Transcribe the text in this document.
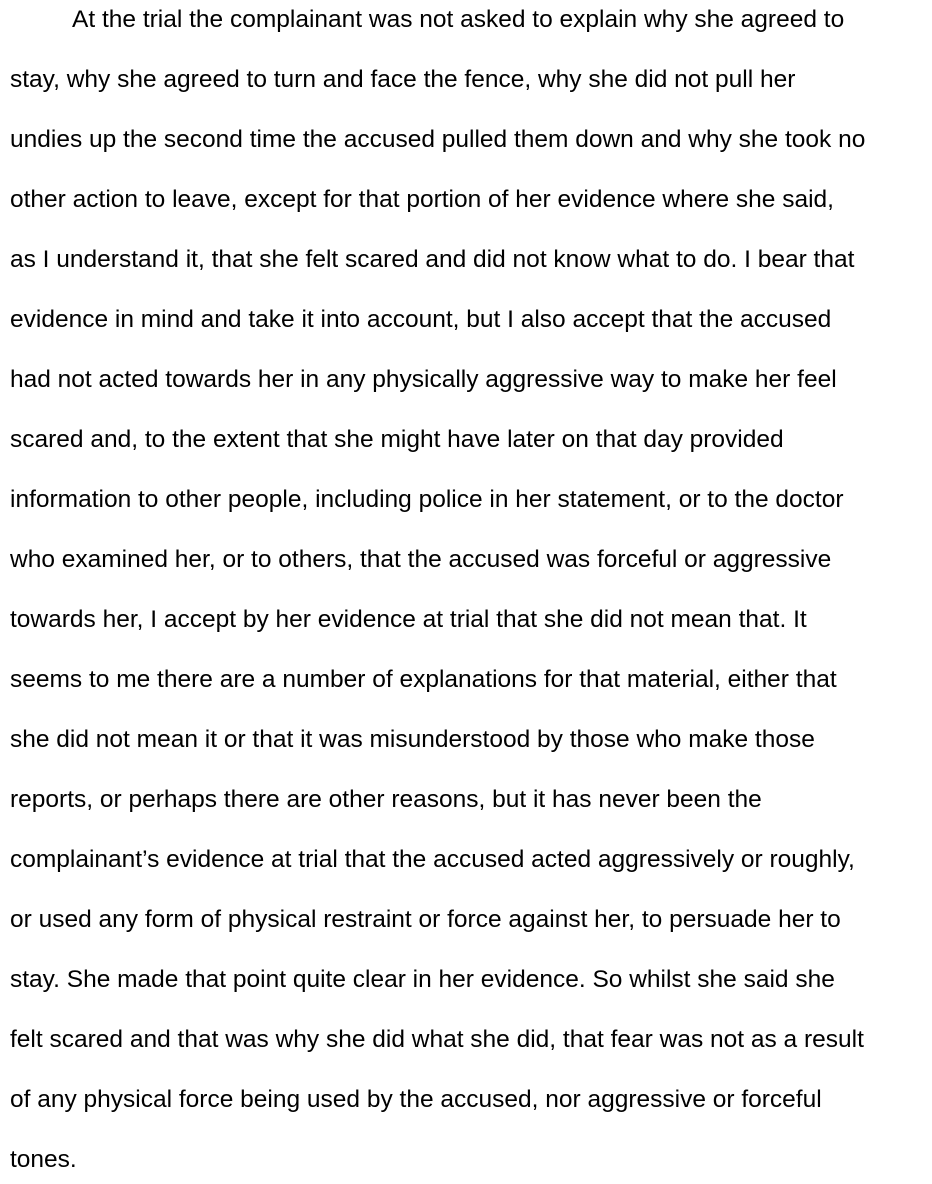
At the trial the complainant was not asked to explain why she agreed to
stay, why she agreed to turn and face the fence, why she did not pull her
undies up the second time the accused pulled them down and why she took no
other action to leave, except for that portion of her evidence where she said,
as I understand it, that she felt scared and did not know what to do. I bear that
evidence in mind and take it into account, but I also accept that the accused
had not acted towards her in any physically aggressive way to make her feel
scared and, to the extent that she might have later on that day provided
information to other people, including police in her statement, or to the doctor
who examined her, or to others, that the accused was forceful or aggressive
towards her, I accept by her evidence at trial that she did not mean that. It
seems to me there are a number of explanations for that material, either that
she did not mean it or that it was misunderstood by those who make those
reports, or perhaps there are other reasons, but it has never been the
complainant’s evidence at trial that the accused acted aggressively or roughly,
or used any form of physical restraint or force against her, to persuade her to
stay. She made that point quite clear in her evidence. So whilst she said she
felt scared and that was why she did what she did, that fear was not as a result
of any physical force being used by the accused, nor aggressive or forceful
tones.
